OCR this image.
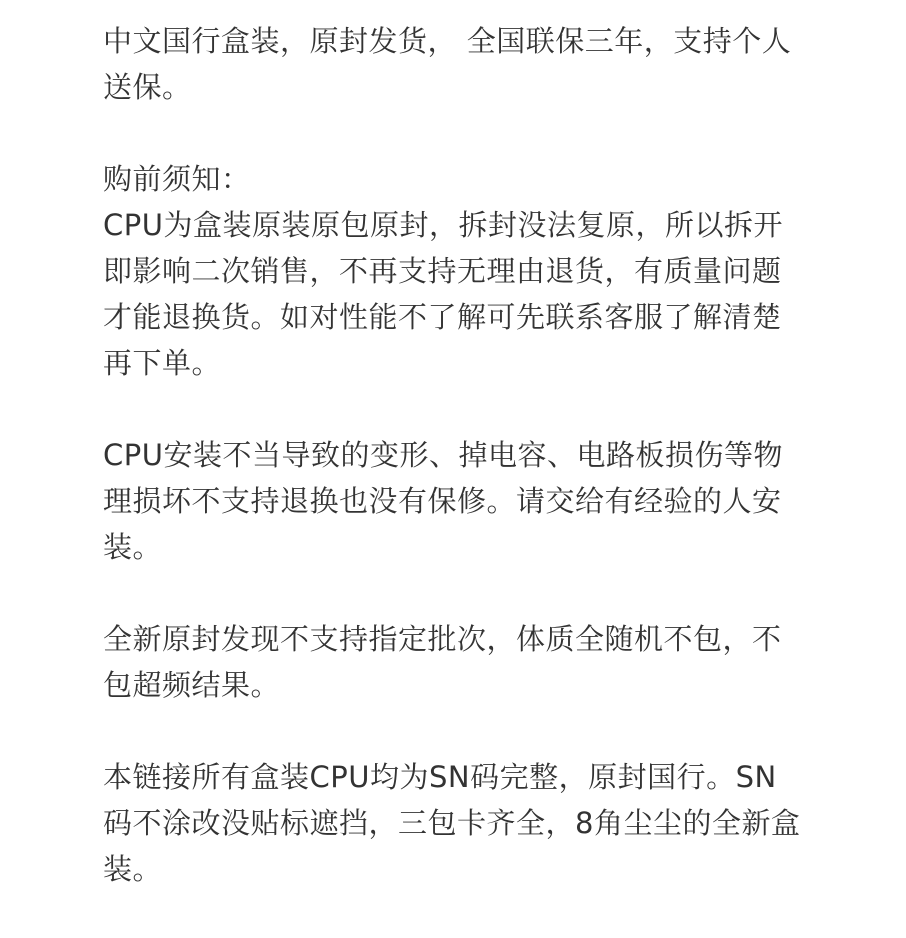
中文国行盒装，原封发货， 全国联保三年，支持个人送保。

购前须知：

CPU为盒装原装原包原封，拆封没法复原，所以拆开即影响二次销售，不再支持无理由退货，有质量问题才能退换货。如对性能不了解可先联系客服了解清楚再下单。

CPU安装不当导致的变形、掉电容、电路板损伤等物理损坏不支持退换也没有保修。请交给有经验的人安装。

全新原封发现不支持指定批次，体质全随机不包，不包超频结果。

本链接所有盒装CPU均为SN码完整，原封国行。SN码不涂改没贴标遮挡，三包卡齐全，8角尘尘的全新盒装。
